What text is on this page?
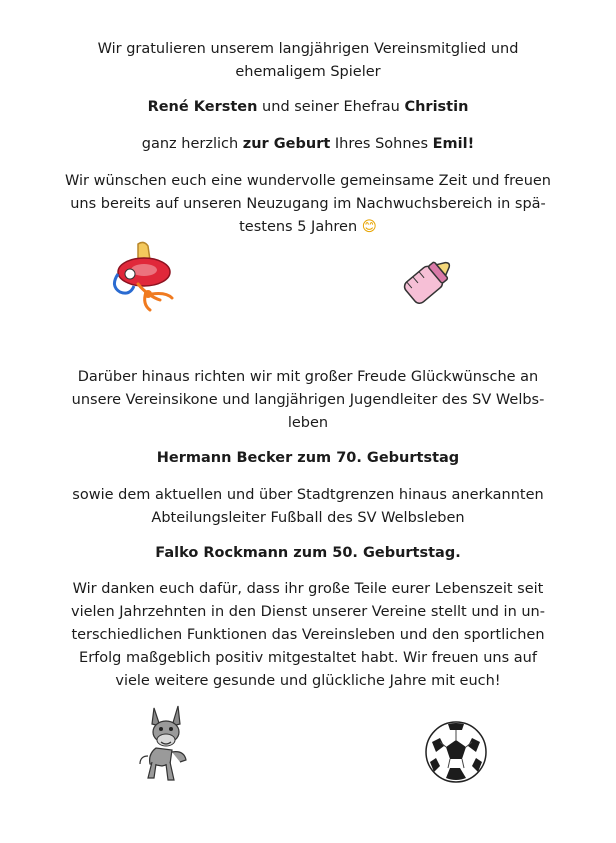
Wir gratulieren unserem langjährigen Vereinsmitglied und
ehemaligem Spieler

René Kersten und seiner Ehefrau Christin

ganz herzlich zur Geburt Ihres Sohnes Emil!

Wir wünschen euch eine wundervolle gemeinsame Zeit und freuen
uns bereits auf unseren Neuzugang im Nachwuchsbereich in spä-
testens 5 Jahren 😊

Darüber hinaus richten wir mit großer Freude Glückwünsche an
unsere Vereinsikone und langjährigen Jugendleiter des SV Welbs-
leben

Hermann Becker zum 70. Geburtstag

sowie dem aktuellen und über Stadtgrenzen hinaus anerkannten
Abteilungsleiter Fußball des SV Welbsleben

Falko Rockmann zum 50. Geburtstag.

Wir danken euch dafür, dass ihr große Teile eurer Lebenszeit seit
vielen Jahrzehnten in den Dienst unserer Vereine stellt und in un-
terschiedlichen Funktionen das Vereinsleben und den sportlichen
Erfolg maßgeblich positiv mitgestaltet habt. Wir freuen uns auf
viele weitere gesunde und glückliche Jahre mit euch!
